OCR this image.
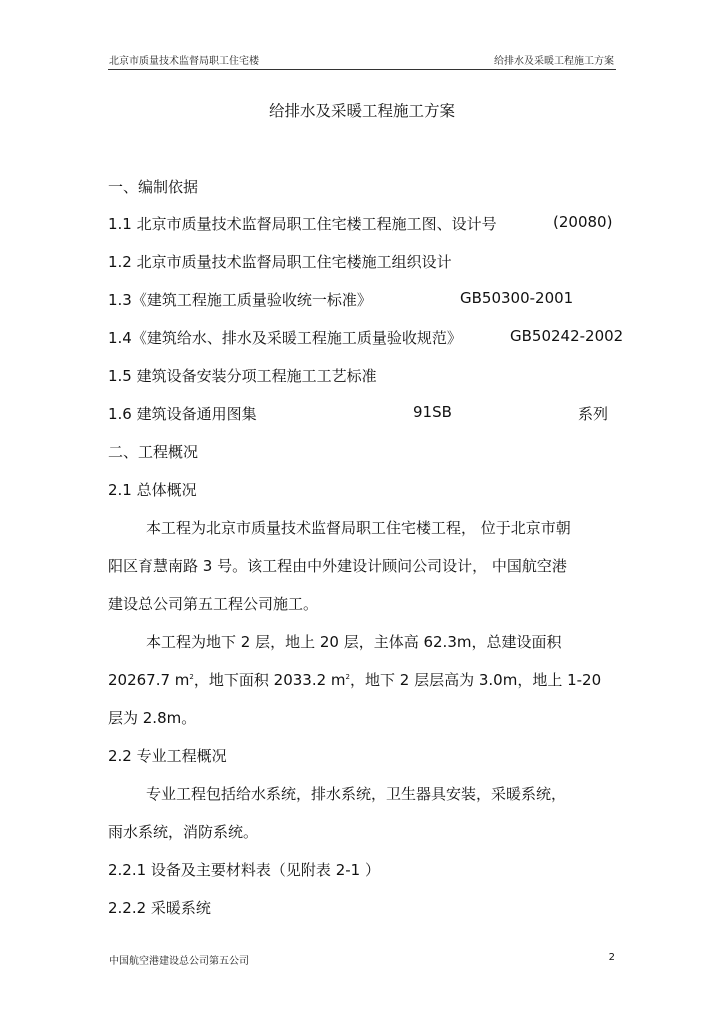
北京市质量技术监督局职工住宅楼	给排水及采暖工程施工方案
给排水及采暖工程施工方案
一、编制依据
1.1 北京市质量技术监督局职工住宅楼工程施工图、设计号	(20080)
1.2 北京市质量技术监督局职工住宅楼施工组织设计
1.3《建筑工程施工质量验收统一标准》	GB50300-2001
1.4《建筑给水、排水及采暖工程施工质量验收规范》	GB50242-2002
1.5 建筑设备安装分项工程施工工艺标准
1.6 建筑设备通用图集	91SB	系列
二、工程概况
2.1 总体概况
本工程为北京市质量技术监督局职工住宅楼工程， 位于北京市朝
阳区育慧南路 3 号。该工程由中外建设计顾问公司设计， 中国航空港
建设总公司第五工程公司施工。
本工程为地下 2 层，地上 20 层，主体高 62.3m，总建设面积
20267.7 $m^2$，地下面积 2033.2 $m^2$，地下 2 层层高为 3.0m，地上 1-20
层为 2.8m。
2.2 专业工程概况
专业工程包括给水系统，排水系统，卫生器具安装，采暖系统，
雨水系统，消防系统。
2.2.1 设备及主要材料表（见附表 2-1 ）
2.2.2 采暖系统
中国航空港建设总公司第五公司	2
